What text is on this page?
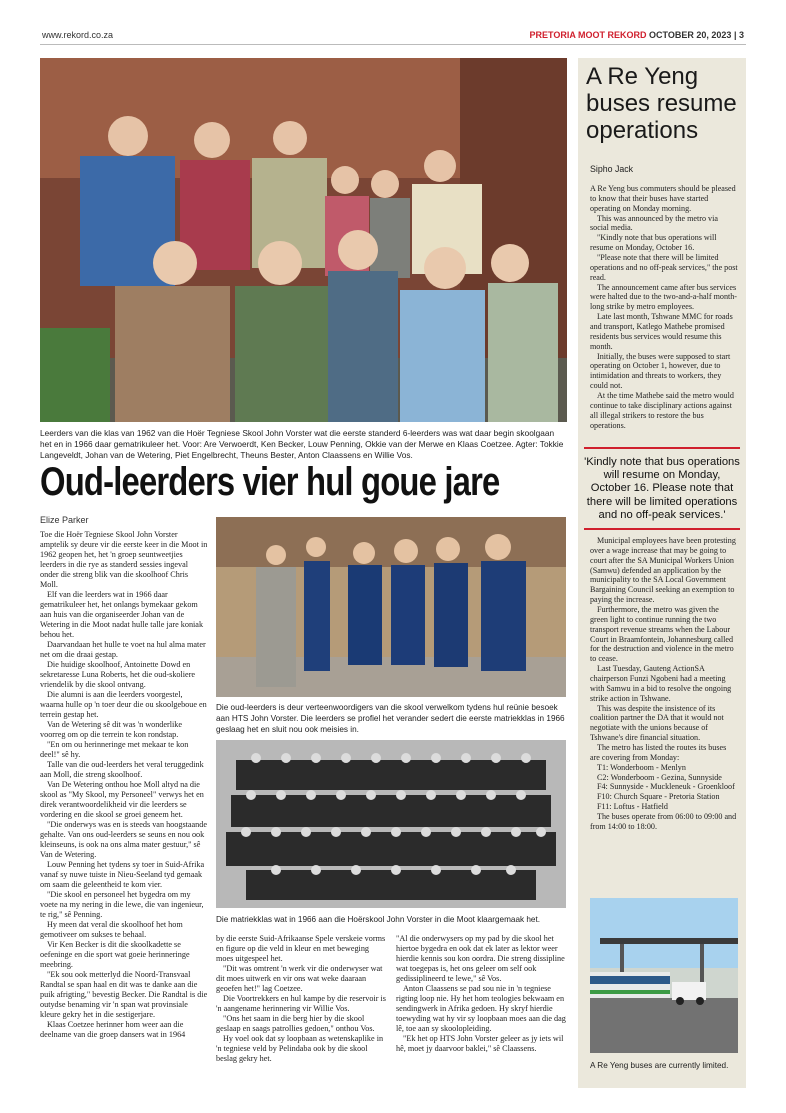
www.rekord.co.za	PRETORIA MOOT REKORD OCTOBER 20, 2023 | 3
Leerders van die klas van 1962 van die Hoër Tegniese Skool John Vorster wat die eerste standerd 6-leerders was wat daar begin skoolgaan het en in 1966 daar gematrikuleer het. Voor: Are Verwoerdt, Ken Becker, Louw Penning, Okkie van der Merwe en Klaas Coetzee. Agter: Tokkie Langeveldt, Johan van de Wetering, Piet Engelbrecht, Theuns Bester, Anton Claassens en Willie Vos.
Oud-leerders vier hul goue jare
Elize Parker

Toe die Hoër Tegniese Skool John Vorster amptelik sy deure vir die eerste keer in die Moot in 1962 geopen het, het 'n groep seuntweetjies leerders in die rye as standerd sessies ingeval onder die streng blik van die skoolhoof Chris Moll.

Elf van die leerders wat in 1966 daar gematrikuleer het, het onlangs bymekaar gekom aan huis van die organiseerder Johan van de Wetering in die Moot nadat hulle talle jare koniak behou het.

Daarvandaan het hulle te voet na hul alma mater net om die draai gestap.

Die huidige skoolhoof, Antoinette Dowd en sekretaresse Luna Roberts, het die oud-skoliere vriendelik by die skool ontvang.

Die alumni is aan die leerders voorgestel, waarna hulle op 'n toer deur die ou skoolgeboue en terrein gestap het.

Van de Wetering sê dit was 'n wonderlike voorreg om op die terrein te kon rondstap.

"En om ou herinneringe met mekaar te kon deel!" sê hy.

Talle van die oud-leerders het veral teruggedink aan Moll, die streng skoolhoof.

Van De Wetering onthou hoe Moll altyd na die skool as "My Skool, my Personeel" verwys het en direk verantwoordelikheid vir die leerders se vordering en die skool se groei geneem het.

"Die onderwys was en is steeds van hoogstaande gehalte. Van ons oud-leerders se seuns en nou ook kleinseuns, is ook na ons alma mater gestuur," sê Van de Wetering.

Louw Penning het tydens sy toer in Suid-Afrika vanaf sy nuwe tuiste in Nieu-Seeland tyd gemaak om saam die geleentheid te kom vier.

"Die skool en personeel het bygedra om my voete na my nering in die lewe, die van ingenieur, te rig," sê Penning.

Hy meen dat veral die skoolhoof het hom gemotiveer om sukses te behaal.

Vir Ken Becker is dit die skoolkadette se oefeninge en die sport wat goeie herinneringe meebring.

"Ek sou ook metterlyd die Noord-Transvaal Randtal se span haal en dit was te danke aan die puik afrigting," bevestig Becker. Die Randtal is die outydse benaming vir 'n span wat provinsiale kleure gekry het in die sestigerjare.

Klaas Coetzee herinner hom weer aan die deelname van die groep dansers wat in 1964

Die oud-leerders is deur verteenwoordigers van die skool verwelkom tydens hul reünie besoek aan HTS John Vorster. Die leerders se profiel het verander sedert die eerste matriekklas in 1966 geslaag het en sluit nou ook meisies in.
Die matriekklas wat in 1966 aan die Hoërskool John Vorster in die Moot klaargemaak het.

by die eerste Suid-Afrikaanse Spele verskeie vorms en figure op die veld in kleur en met beweging moes uitgespeel het.

"Dit was omtrent 'n werk vir die onderwyser wat dit moes uitwerk en vir ons wat weke daaraan geoefen het!" lag Coetzee.

Die Voortrekkers en hul kampe by die reservoir is 'n aangename herinnering vir Willie Vos.

"Ons het saam in die berg hier by die skool geslaap en saags patrollies gedoen," onthou Vos.

Hy voel ook dat sy loopbaan as wetenskaplike in 'n tegniese veld by Pelindaba ook by die skool beslag gekry het.

"Al die onderwysers op my pad by die skool het hiertoe bygedra en ook dat ek later as lektor weer hierdie kennis sou kon oordra. Die streng dissipline wat toegepas is, het ons geleer om self ook gedissiplineerd te lewe," sê Vos.

Anton Claassens se pad sou nie in 'n tegniese rigting loop nie. Hy het hom teologies bekwaam en sendingwerk in Afrika gedoen. Hy skryf hierdie toewyding wat hy vir sy loopbaan moes aan die dag lê, toe aan sy skoolopleiding.

"Ek het op HTS John Vorster geleer as jy iets wil hê, moet jy daarvoor baklei," sê Claassens.

A Re Yeng buses resume operations
Sipho Jack

A Re Yeng bus commuters should be pleased to know that their buses have started operating on Monday morning.

This was announced by the metro via social media.

"Kindly note that bus operations will resume on Monday, October 16.

"Please note that there will be limited operations and no off-peak services," the post read.

The announcement came after bus services were halted due to the two-and-a-half month-long strike by metro employees.

Late last month, Tshwane MMC for roads and transport, Katlego Mathebe promised residents bus services would resume this month.

Initially, the buses were supposed to start operating on October 1, however, due to intimidation and threats to workers, they could not.

At the time Mathebe said the metro would continue to take disciplinary actions against all illegal strikers to restore the bus operations.

'Kindly note that bus operations will resume on Monday, October 16. Please note that there will be limited operations and no off-peak services.'

Municipal employees have been protesting over a wage increase that may be going to court after the SA Municipal Workers Union (Samwu) defended an application by the municipality to the SA Local Government Bargaining Council seeking an exemption to paying the increase.

Furthermore, the metro was given the green light to continue running the two transport revenue streams when the Labour Court in Braamfontein, Johannesburg called for the destruction and violence in the metro to cease.

Last Tuesday, Gauteng ActionSA chairperson Funzi Ngobeni had a meeting with Samwu in a bid to resolve the ongoing strike action in Tshwane.

This was despite the insistence of its coalition partner the DA that it would not negotiate with the unions because of Tshwane's dire financial situation.

The metro has listed the routes its buses are covering from Monday:

T1: Wonderboom - Menlyn

C2: Wonderboom - Gezina, Sunnyside

F4: Sunnyside - Muckleneuk - Groenkloof

F10: Church Square - Pretoria Station

F11: Loftus - Hatfield

The buses operate from 06:00 to 09:00 and from 14:00 to 18:00.

A Re Yeng buses are currently limited.
